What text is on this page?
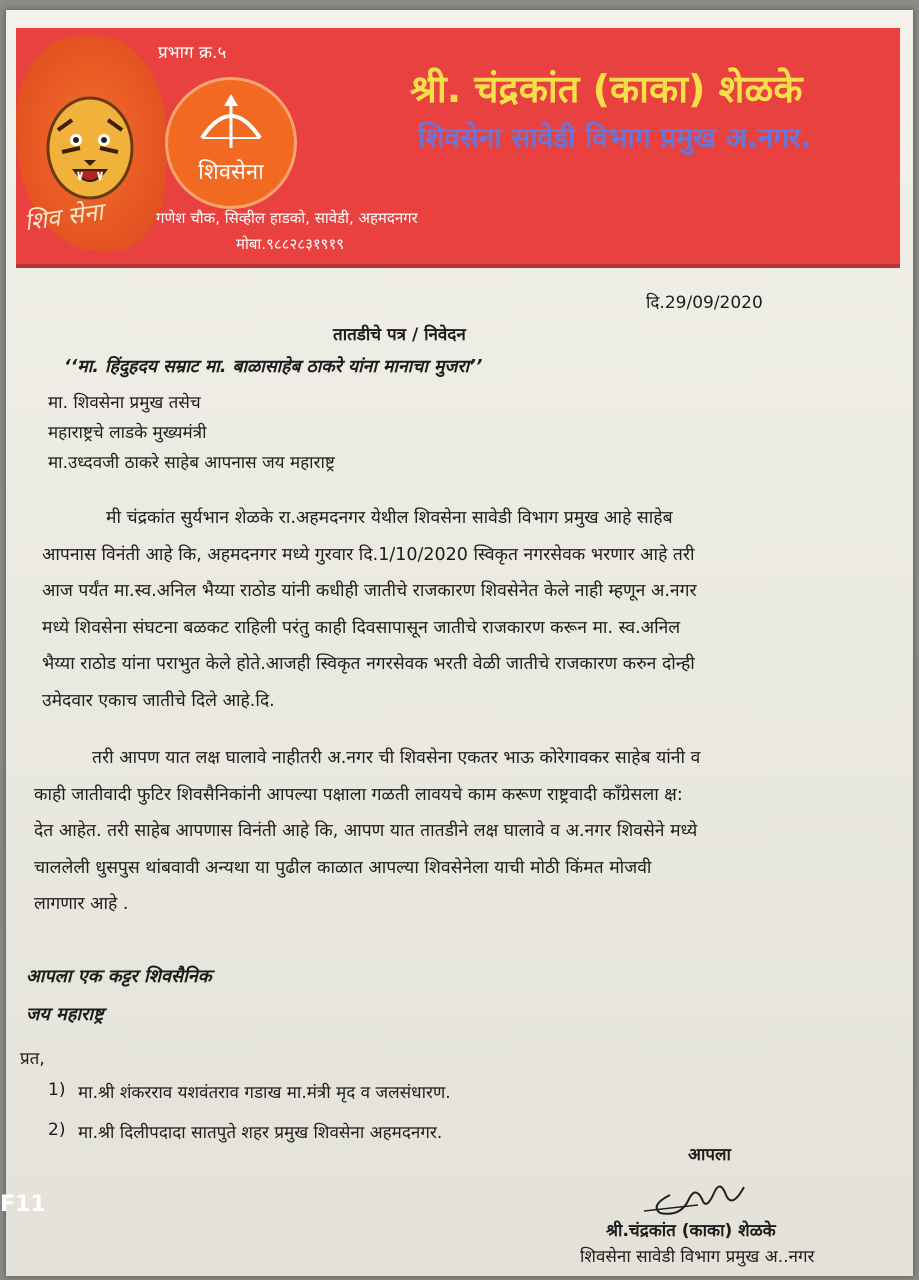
शिव सेना
प्रभाग क्र.५
शिवसेना
श्री. चंद्रकांत (काका) शेळके
शिवसेना सावेडी विभाग प्रमुख अ.नगर.
गणेश चौक, सिव्हील हाडको, सावेडी, अहमदनगर
मोबा.९८८२८३१९१९
दि.29/09/2020
तातडीचे पत्र / निवेदन
‘‘मा. हिंदुहदय सम्राट मा. बाळासाहेब ठाकरे यांना मानाचा मुजरा’’
मा. शिवसेना प्रमुख तसेच
महाराष्ट्रचे लाडके मुख्यमंत्री
मा.उध्दवजी ठाकरे साहेब आपनास जय महाराष्ट्र
मी चंद्रकांत सुर्यभान शेळके रा.अहमदनगर येथील शिवसेना सावेडी विभाग प्रमुख आहे साहेब
आपनास विनंती आहे कि, अहमदनगर मध्ये गुरवार दि.1/10/2020 स्विकृत नगरसेवक भरणार आहे तरी
आज पर्यंत मा.स्व.अनिल भैय्या राठोड यांनी कधीही जातीचे राजकारण शिवसेनेत केले नाही म्हणून अ.नगर
मध्ये शिवसेना संघटना बळकट राहिली परंतु काही दिवसापासून जातीचे राजकारण करून मा. स्व.अनिल
भैय्या राठोड यांना पराभुत केले होते.आजही स्विकृत नगरसेवक भरती वेळी जातीचे राजकारण करुन दोन्ही
उमेदवार एकाच जातीचे दिले आहे.दि.
तरी आपण यात लक्ष घालावे नाहीतरी अ.नगर ची शिवसेना एकतर भाऊ कोरेगावकर साहेब यांनी व
काही जातीवादी फुटिर शिवसैनिकांनी आपल्या पक्षाला गळती लावयचे काम करूण राष्ट्रवादी काँग्रेसला क्ष:
देत आहेत. तरी साहेब आपणास विनंती आहे कि, आपण यात तातडीने लक्ष घालावे व अ.नगर शिवसेने मध्ये
चाललेली धुसपुस थांबवावी अन्यथा या पुढील काळात आपल्या शिवसेनेला याची मोठी किंमत मोजवी
लागणार आहे .
आपला एक कट्टर शिवसैनिक
जय महाराष्ट्र
प्रत,
1) मा.श्री शंकरराव यशवंतराव गडाख मा.मंत्री मृद व जलसंधारण.
2) मा.श्री दिलीपदादा सातपुते शहर प्रमुख शिवसेना अहमदनगर.
आपला
श्री.चंद्रकांत (काका) शेळके
शिवसेना सावेडी विभाग प्रमुख अ..नगर
F11
